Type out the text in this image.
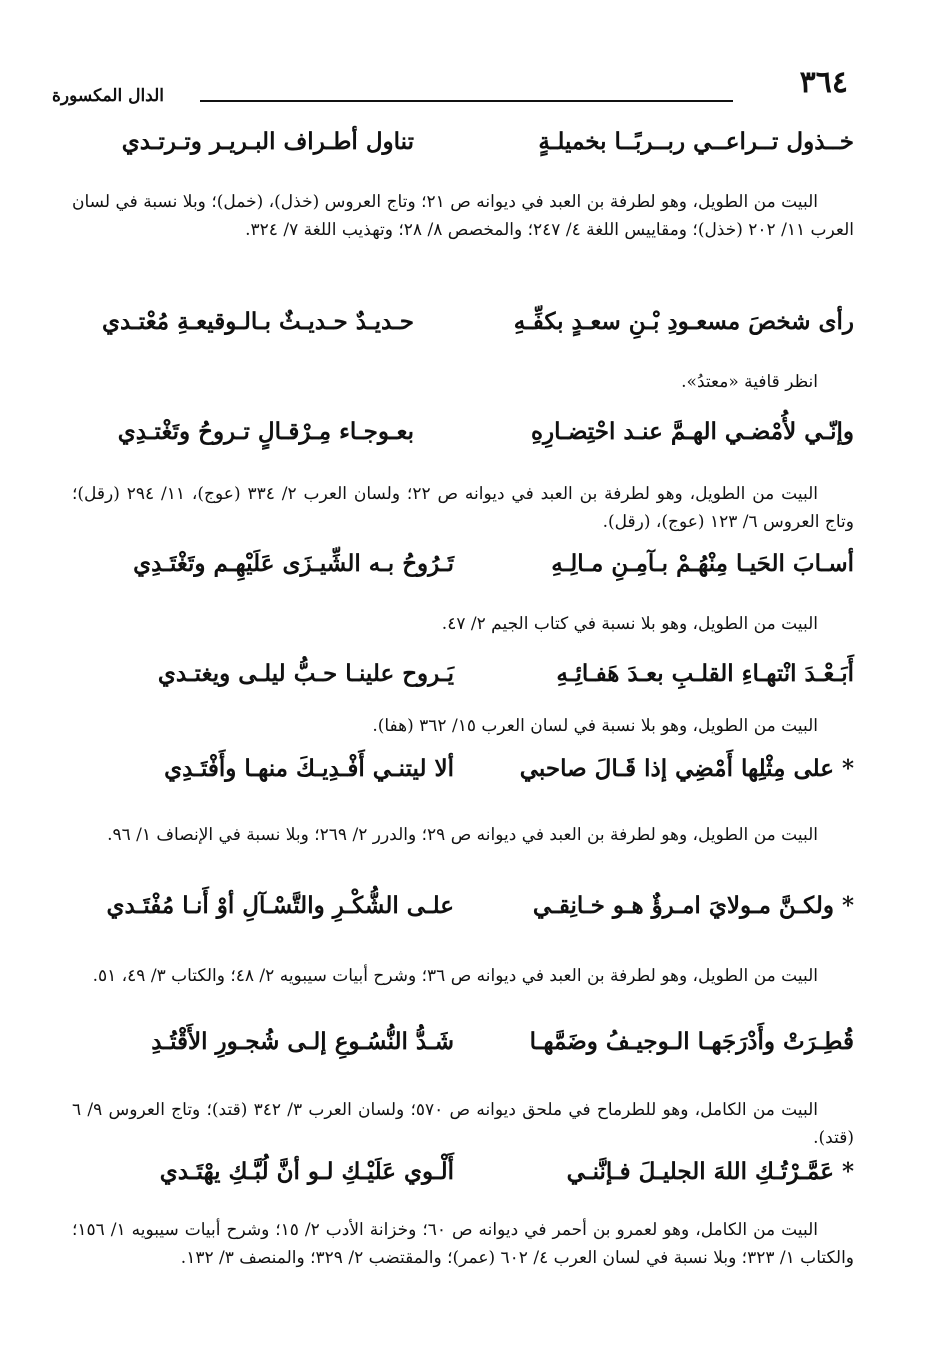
٣٦٤
الدال المكسورة
خــذول تــراعــي ربــربًــا بخميلـةٍ
تناول أطـراف البـريـر وتـرتـدي
البيت من الطويل، وهو لطرفة بن العبد في ديوانه ص ٢١؛ وتاج العروس (خذل)، (خمل)؛ وبلا نسبة في لسان العرب ١١/ ٢٠٢ (خذل)؛ ومقاييس اللغة ٤/ ٢٤٧؛ والمخصص ٨/ ٢٨؛ وتهذيب اللغة ٧/ ٣٢٤.
رأى شخصَ مسعـودِ بْـنِ سعـدٍ بكفِّـهِ
حـديـدٌ حـديـثٌ بـالـوقيعـةِ مُعْتـدي
انظر قافية «معتدُ».
وإنّـي لأُمْضـي الهـمَّ عنـد احْتِضـارِهِ
بعـوجـاء مِـرْقـالٍ تـروحُ وتَغْتـدِي
البيت من الطويل، وهو لطرفة بن العبد في ديوانه ص ٢٢؛ ولسان العرب ٢/ ٣٣٤ (عوج)، ١١/ ٢٩٤ (رقل)؛ وتاج العروس ٦/ ١٢٣ (عوج)، (رقل).
أسـابَ الحَيـا مِنْهُـمْ بـآمِـنِ مـالِـهِ
تَـرُوحُ بـه الشِّيـزَى عَلَيْهِـم وتَغْتَـدِي
البيت من الطويل، وهو بلا نسبة في كتاب الجيم ٢/ ٤٧.
أَبَـعْـدَ انْتهـاءِ القلـبِ بعـدَ هَفـائِـهِ
يَـروح علينـا حـبُّ ليلـى ويغتـدي
البيت من الطويل، وهو بلا نسبة في لسان العرب ١٥/ ٣٦٢ (هفا).
* على مِثْلِها أَمْضِي إذا قَـالَ صاحبي
ألا ليتنـي أَفْـدِيـكَ منهـا وأَفْتَـدِي
البيت من الطويل، وهو لطرفة بن العبد في ديوانه ص ٢٩؛ والدرر ٢/ ٢٦٩؛ وبلا نسبة في الإنصاف ١/ ٩٦.
* ولكـنَّ مـولايَ امـرؤٌ هـو خـانِقـي
علـى الشُّكْـرِ والتَّسْـآلِ أوْ أَنـا مُفْتَـدي
البيت من الطويل، وهو لطرفة بن العبد في ديوانه ص ٣٦؛ وشرح أبيات سيبويه ٢/ ٤٨؛ والكتاب ٣/ ٤٩، ٥١.
قُطِـرَتْ وأَدْرَجَهـا الـوجيـفُ وضَمَّهـا
شَـدُّ النُّسُـوعِ إلـى شُجـورِ الأَقْتُـدِ
البيت من الكامل، وهو للطرماح في ملحق ديوانه ص ٥٧٠؛ ولسان العرب ٣/ ٣٤٢ (قتد)؛ وتاج العروس ٩/ ٦ (قتد).
* عَمَّـرْتُـكِ اللهَ الجليـلَ فـإنَّنـي
أَلْـوي عَلَيْـكِ لـو أنَّ لُبَّـكِ يهْتَـدي
البيت من الكامل، وهو لعمرو بن أحمر في ديوانه ص ٦٠؛ وخزانة الأدب ٢/ ١٥؛ وشرح أبيات سيبويه ١/ ١٥٦؛ والكتاب ١/ ٣٢٣؛ وبلا نسبة في لسان العرب ٤/ ٦٠٢ (عمر)؛ والمقتضب ٢/ ٣٢٩؛ والمنصف ٣/ ١٣٢.
